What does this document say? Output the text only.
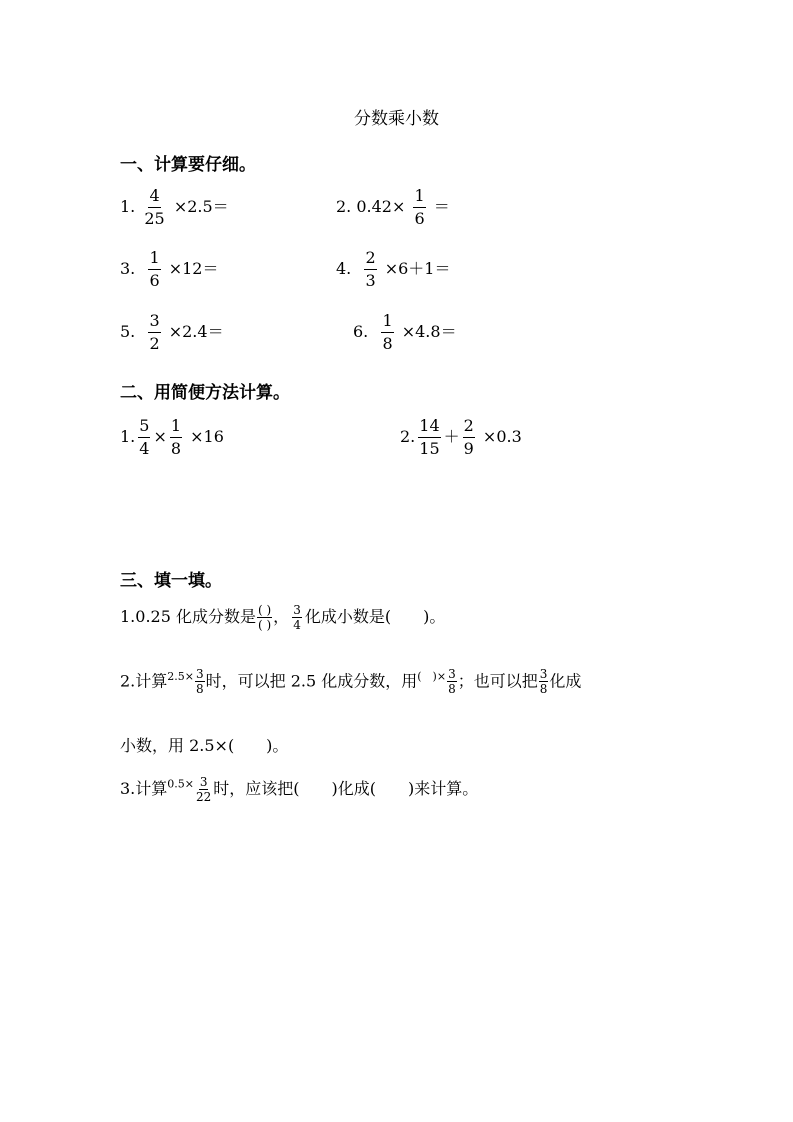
分数乘小数
一、计算要仔细。
1. $\frac{4}{25} \times 2.5=$	2. $0.42\times \frac{1}{6}$ ＝
3. $\frac{1}{6} \times 12=$	4. $\frac{2}{3} \times 6+1=$
5. $\frac{3}{2} \times 2.4=$	6. $\frac{1}{8} \times 4.8=$
二、用简便方法计算。
1. $\frac{5}{4} \times \frac{1}{8} \times 16$	2. $\frac{14}{15} + \frac{2}{9} \times 0.3$
三、填一填。
1.0.25 化成分数是 $\frac{( )}{( )}$ ， $\frac{3}{4}$ 化成小数是(　　)。
2.计算$^{2.5\times} \frac{3}{8}$ 时，可以把 2.5 化成分数，用$^{( )\times} \frac{3}{8}$ ；也可以把 $\frac{3}{8}$ 化成
小数，用 2.5×(　　)。
3.计算$^{0.5\times} \frac{3}{22}$ 时，应该把(　　)化成(　　)来计算。
